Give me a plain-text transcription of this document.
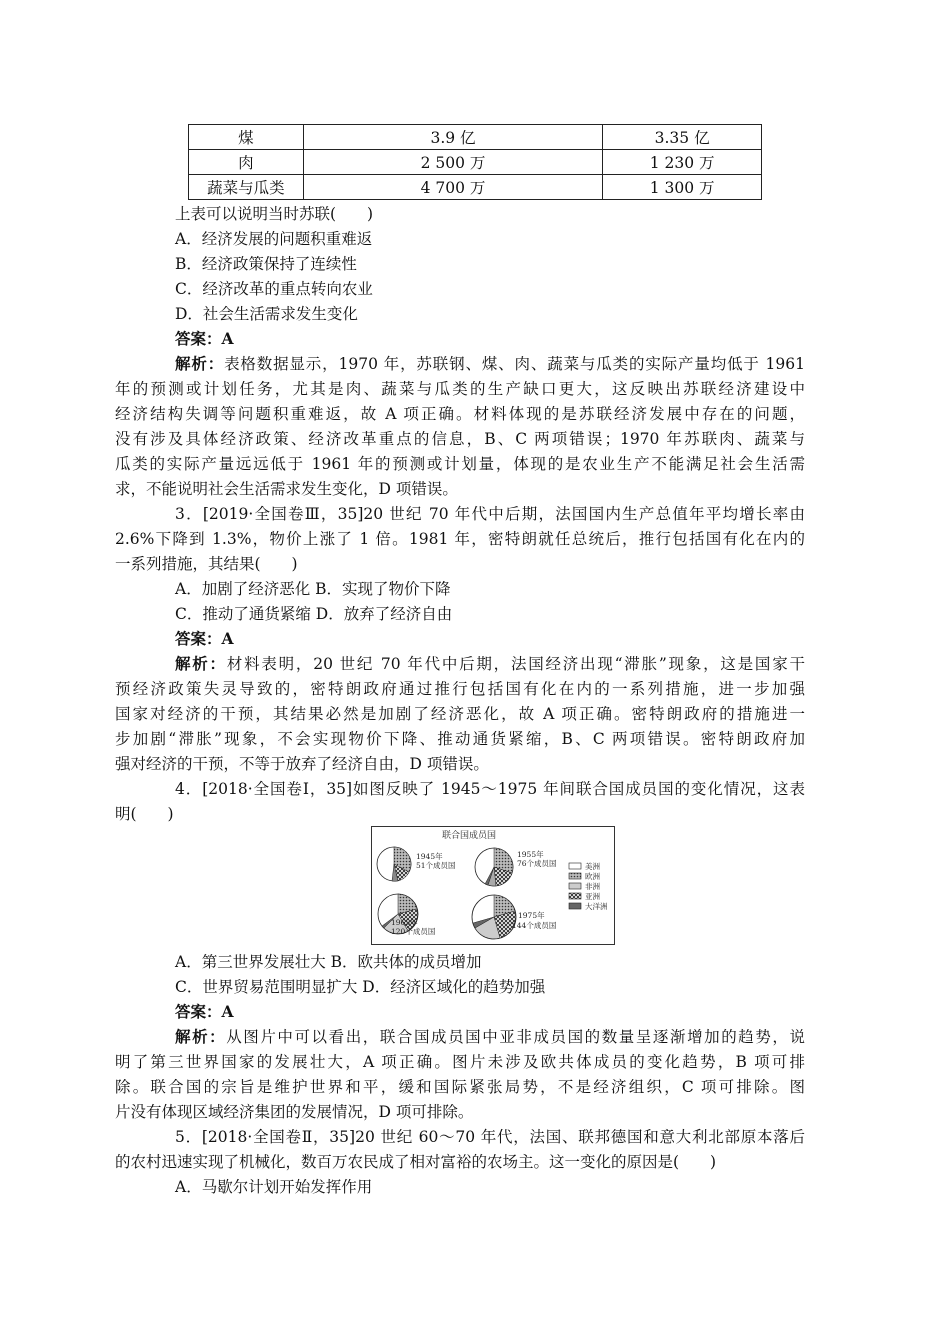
煤	3.9 亿	3.35 亿
肉	2 500 万	1 230 万
蔬菜与瓜类	4 700 万	1 300 万
上表可以说明当时苏联(　　)
A．经济发展的问题积重难返
B．经济政策保持了连续性
C．经济改革的重点转向农业
D．社会生活需求发生变化
答案：A
解析：表格数据显示，1970 年，苏联钢、煤、肉、蔬菜与瓜类的实际产量均低于 1961
年的预测或计划任务，尤其是肉、蔬菜与瓜类的生产缺口更大，这反映出苏联经济建设中
经济结构失调等问题积重难返，故 A 项正确。材料体现的是苏联经济发展中存在的问题，
没有涉及具体经济政策、经济改革重点的信息，B、C 两项错误；1970 年苏联肉、蔬菜与
瓜类的实际产量远远低于 1961 年的预测或计划量，体现的是农业生产不能满足社会生活需
求，不能说明社会生活需求发生变化，D 项错误。
3．[2019·全国卷Ⅲ，35]20 世纪 70 年代中后期，法国国内生产总值年平均增长率由
2.6%下降到 1.3%，物价上涨了 1 倍。1981 年，密特朗就任总统后，推行包括国有化在内的
一系列措施，其结果(　　)
A．加剧了经济恶化 B．实现了物价下降
C．推动了通货紧缩 D．放弃了经济自由
答案：A
解析：材料表明，20 世纪 70 年代中后期，法国经济出现“滞胀”现象，这是国家干
预经济政策失灵导致的，密特朗政府通过推行包括国有化在内的一系列措施，进一步加强
国家对经济的干预，其结果必然是加剧了经济恶化，故 A 项正确。密特朗政府的措施进一
步加剧“滞胀”现象，不会实现物价下降、推动通货紧缩，B、C 两项错误。密特朗政府加
强对经济的干预，不等于放弃了经济自由，D 项错误。
4．[2018·全国卷Ⅰ，35]如图反映了 1945～1975 年间联合国成员国的变化情况，这表
明(　　)
联合国成员国
1945年
51个成员国
1955年
76个成员国
1965年
120个成员国
1975年
144个成员国
美洲
欧洲
非洲
亚洲
大洋洲
A．第三世界发展壮大 B．欧共体的成员增加
C．世界贸易范围明显扩大 D．经济区域化的趋势加强
答案：A
解析：从图片中可以看出，联合国成员国中亚非成员国的数量呈逐渐增加的趋势，说
明了第三世界国家的发展壮大，A 项正确。图片未涉及欧共体成员的变化趋势，B 项可排
除。联合国的宗旨是维护世界和平，缓和国际紧张局势，不是经济组织，C 项可排除。图
片没有体现区域经济集团的发展情况，D 项可排除。
5．[2018·全国卷Ⅱ，35]20 世纪 60～70 年代，法国、联邦德国和意大利北部原本落后
的农村迅速实现了机械化，数百万农民成了相对富裕的农场主。这一变化的原因是(　　)
A．马歇尔计划开始发挥作用
